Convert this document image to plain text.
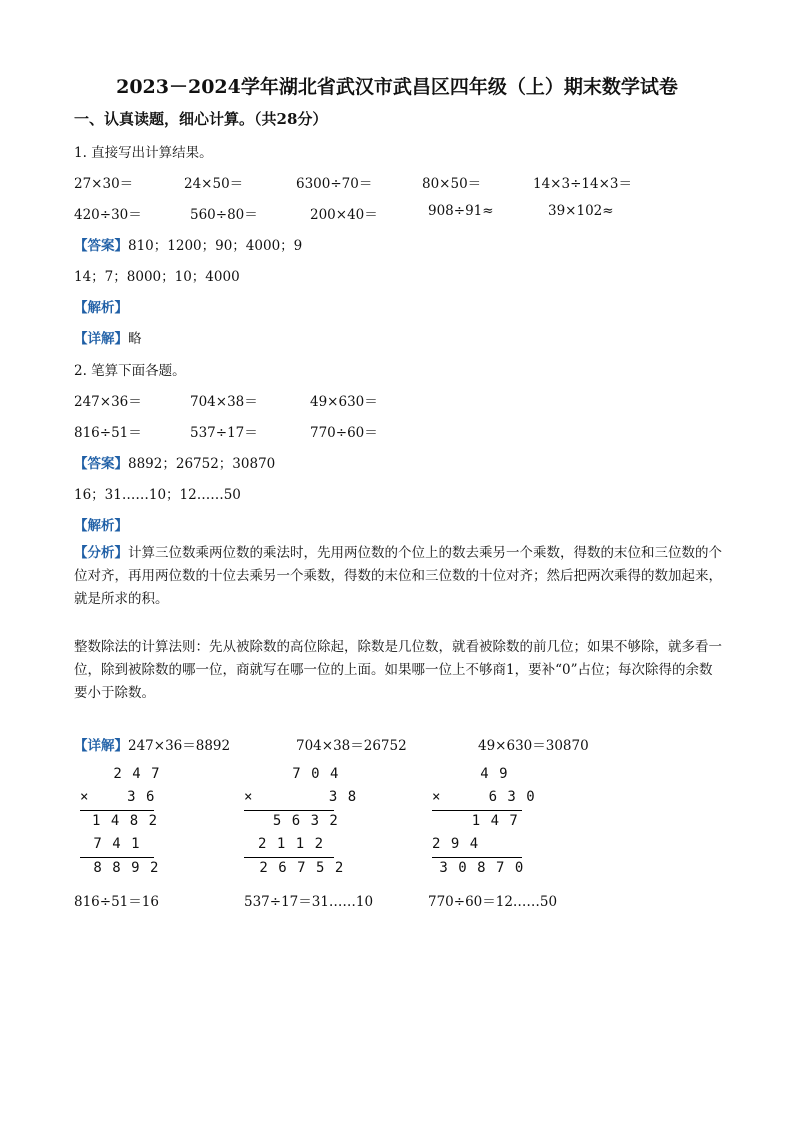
2023－2024学年湖北省武汉市武昌区四年级（上）期末数学试卷
一、认真读题，细心计算。（共28分）
1. 直接写出计算结果。
27×30＝	24×50＝	6300÷70＝	80×50＝	14×3÷14×3＝
420÷30＝	560÷80＝	200×40＝	908÷91≈	39×102≈
【答案】810；1200；90；4000；9
14；7；8000；10；4000
【解析】
【详解】略
2. 笔算下面各题。
247×36＝	704×38＝	49×630＝
816÷51＝	537÷17＝	770÷60＝
【答案】8892；26752；30870
16；31……10；12……50
【解析】
【分析】计算三位数乘两位数的乘法时，先用两位数的个位上的数去乘另一个乘数，得数的末位和三位数的个位对齐，再用两位数的十位去乘另一个乘数，得数的末位和三位数的十位对齐；然后把两次乘得的数加起来，就是所求的积。
整数除法的计算法则：先从被除数的高位除起，除数是几位数，就看被除数的前几位；如果不够除，就多看一位，除到被除数的哪一位，商就写在哪一位的上面。如果哪一位上不够商1，要补“0”占位；每次除得的余数要小于除数。
【详解】247×36＝8892	704×38＝26752	49×630＝30870
2 4 7
×    3 6
1 4 8 2
7 4 1
8 8 9 2
7 0 4
×        3 8
5 6 3 2
2 1 1 2
2 6 7 5 2
4 9
×     6 3 0
1 4 7
2 9 4
3 0 8 7 0
816÷51＝16	537÷17＝31……10	770÷60＝12……50
